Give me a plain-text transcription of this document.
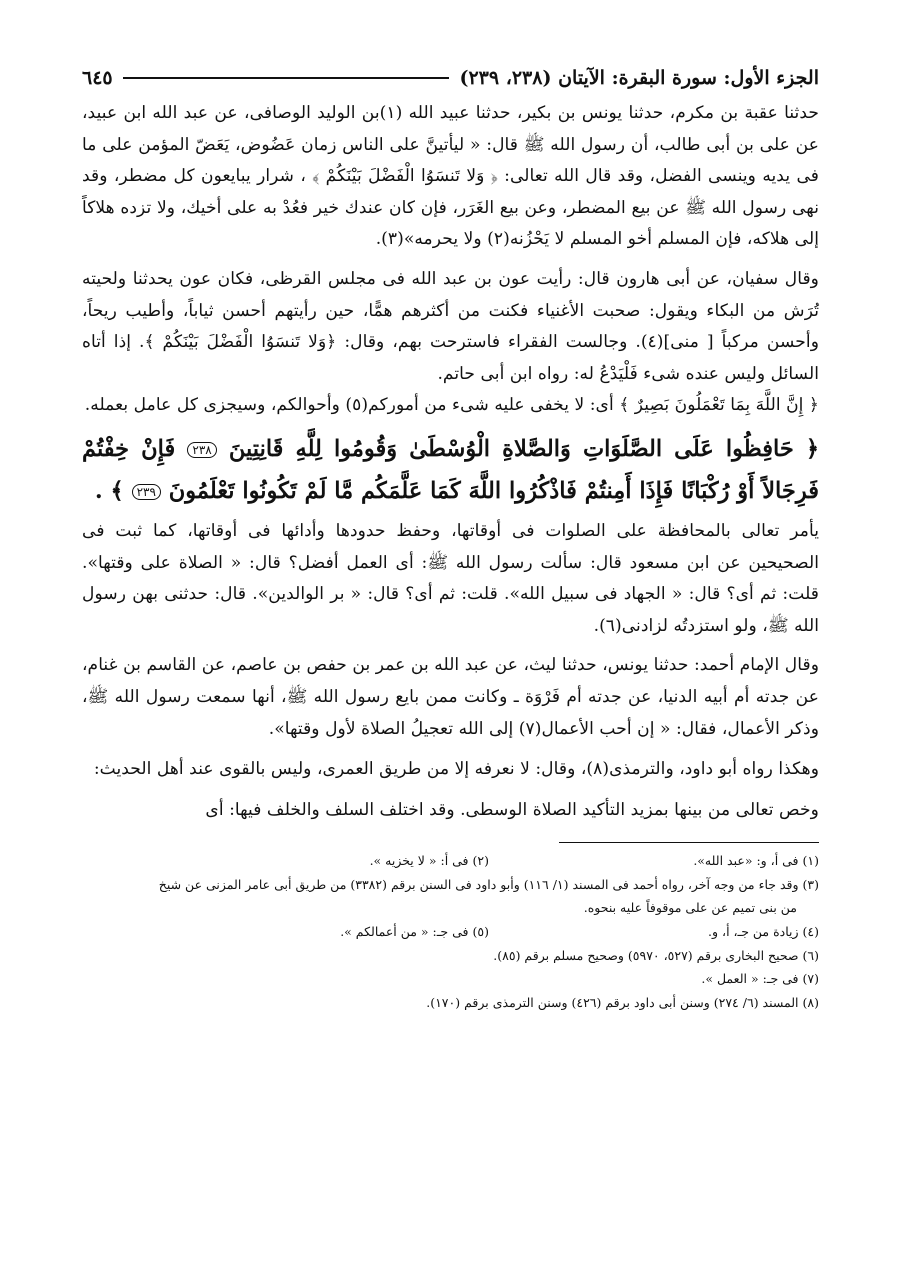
الجزء الأول: سورة البقرة: الآيتان (٢٣٨، ٢٣٩)
٦٤٥

حدثنا عقبة بن مكرم، حدثنا يونس بن بكير، حدثنا عبيد الله (١)بن الوليد الوصافى، عن عبد الله ابن عبيد، عن على بن أبى طالب، أن رسول الله ﷺ قال: « ليأتينَّ على الناس زمان عَضُوض، يَعَضّ المؤمن على ما فى يديه وينسى الفضل، وقد قال الله تعالى: ﴿ وَلا تَنسَوُا الْفَضْلَ بَيْنَكُمْ ﴾ ، شرار يبايعون كل مضطر، وقد نهى رسول الله ﷺ عن بيع المضطر، وعن بيع الغَرَر، فإن كان عندك خير فعُدْ به على أخيك، ولا تزده هلاكاً إلى هلاكه، فإن المسلم أخو المسلم لا يَحْزُنه(٢) ولا يحرمه»(٣).

وقال سفيان، عن أبى هارون قال: رأيت عون بن عبد الله فى مجلس القرظى، فكان عون يحدثنا ولحيته تُرَش من البكاء ويقول: صحبت الأغنياء فكنت من أكثرهم همًّا، حين رأيتهم أحسن ثياباً، وأطيب ريحاً، وأحسن مركباً [ منى](٤). وجالست الفقراء فاسترحت بهم، وقال: ﴿وَلا تَنسَوُا الْفَضْلَ بَيْنَكُمْ ﴾. إذا أتاه السائل وليس عنده شىء فَلْيَدْعُ له: رواه ابن أبى حاتم.

﴿ إِنَّ اللَّهَ بِمَا تَعْمَلُونَ بَصِيرٌ ﴾ أى: لا يخفى عليه شىء من أموركم(٥) وأحوالكم، وسيجزى كل عامل بعمله.

﴿ حَافِظُوا عَلَى الصَّلَوَاتِ وَالصَّلاةِ الْوُسْطَىٰ وَقُومُوا لِلَّهِ قَانِتِينَ ٢٣٨ فَإِنْ خِفْتُمْ فَرِجَالاً أَوْ رُكْبَانًا فَإِذَا أَمِنتُمْ فَاذْكُرُوا اللَّهَ كَمَا عَلَّمَكُم مَّا لَمْ تَكُونُوا تَعْلَمُونَ ٢٣٩ ﴾ .

يأمر تعالى بالمحافظة على الصلوات فى أوقاتها، وحفظ حدودها وأدائها فى أوقاتها، كما ثبت فى الصحيحين عن ابن مسعود قال: سألت رسول الله ﷺ: أى العمل أفضل؟ قال: « الصلاة على وقتها». قلت: ثم أى؟ قال: « الجهاد فى سبيل الله». قلت: ثم أى؟ قال: « بر الوالدين». قال: حدثنى بهن رسول الله ﷺ، ولو استزدتُه لزادنى(٦).

وقال الإمام أحمد: حدثنا يونس، حدثنا ليث، عن عبد الله بن عمر بن حفص بن عاصم، عن القاسم بن غنام، عن جدته أم أبيه الدنيا، عن جدته أم فَرْوَة ـ وكانت ممن بايع رسول الله ﷺ، أنها سمعت رسول الله ﷺ، وذكر الأعمال، فقال: « إن أحب الأعمال(٧) إلى الله تعجيلُ الصلاة لأول وقتها».

وهكذا رواه أبو داود، والترمذى(٨)، وقال: لا نعرفه إلا من طريق العمرى، وليس بالقوى عند أهل الحديث:

وخص تعالى من بينها بمزيد التأكيد الصلاة الوسطى. وقد اختلف السلف والخلف فيها: أى

(١) فى أ، و: «عبد الله».
(٢) فى أ: « لا يخزيه ».

(٣) وقد جاء من وجه آخر، رواه أحمد فى المسند (١/ ١١٦) وأبو داود فى السنن برقم (٣٣٨٢) من طريق أبى عامر المزنى عن شيخ

من بنى تميم عن على موقوفاً عليه بنحوه.

(٤) زيادة من جـ، أ، و.
(٥) فى جـ: « من أعمالكم ».

(٦) صحيح البخارى برقم (٥٢٧، ٥٩٧٠) وصحيح مسلم برقم (٨٥).

(٧) فى جـ: « العمل ».

(٨) المسند (٦/ ٢٧٤) وسنن أبى داود برقم (٤٢٦) وسنن الترمذى برقم (١٧٠).
